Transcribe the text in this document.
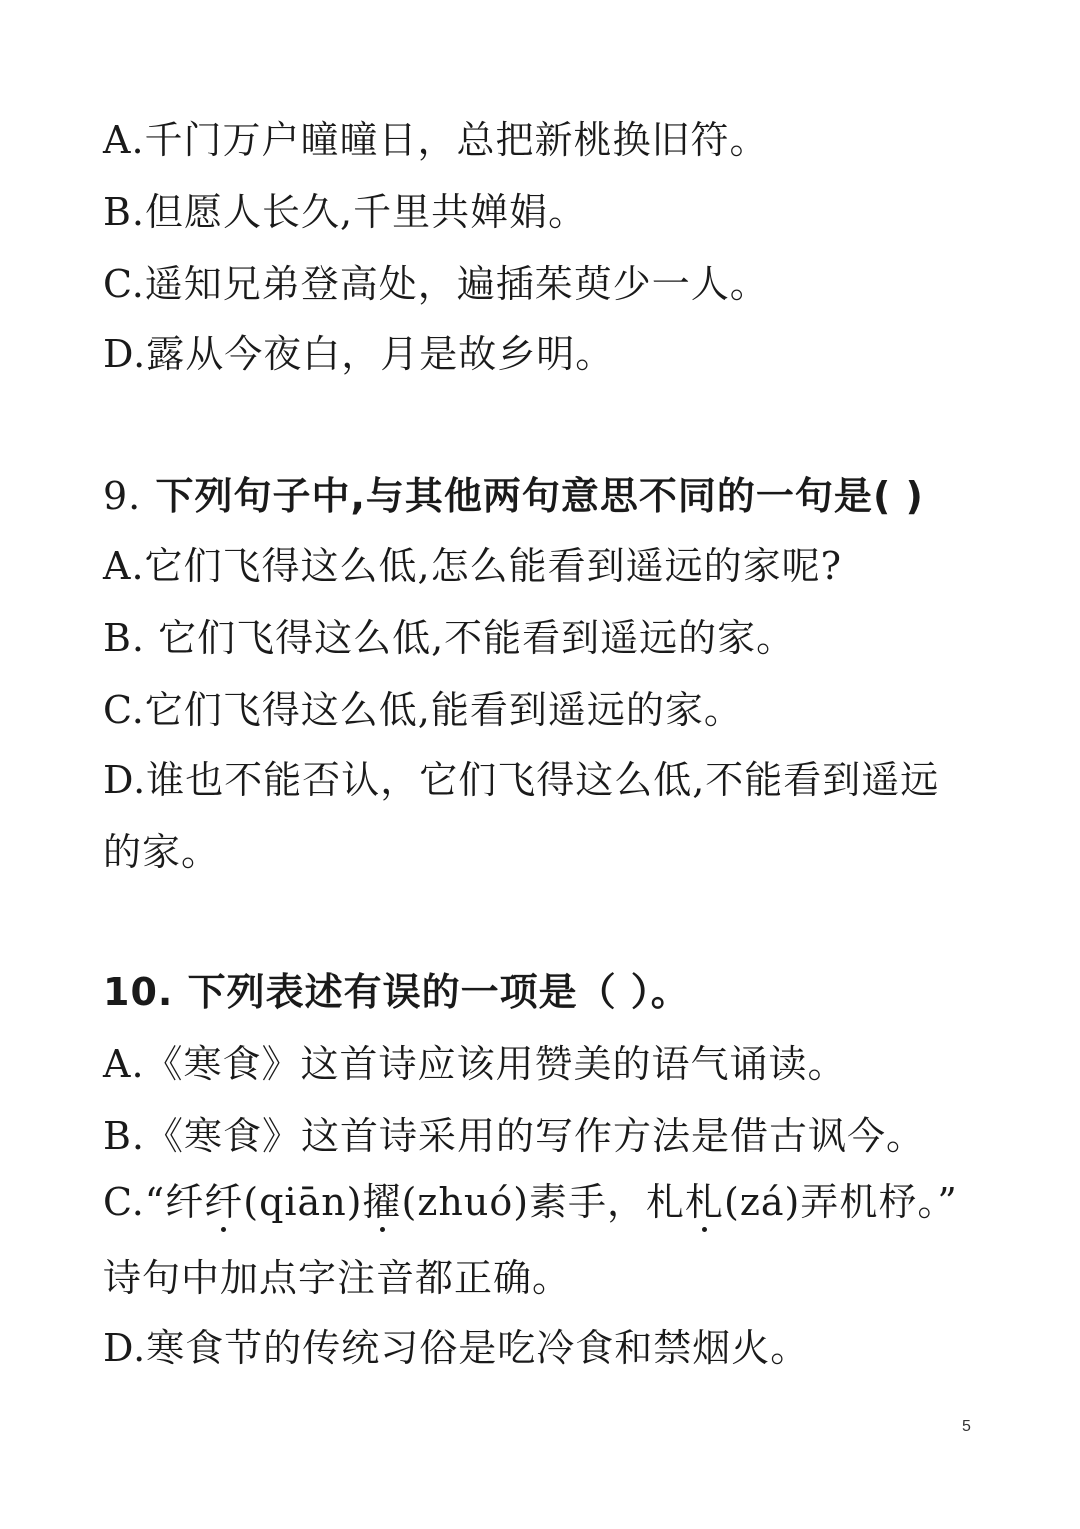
A.千门万户曈曈日，总把新桃换旧符。
B.但愿人长久,千里共婵娟。
C.遥知兄弟登高处，遍插茱萸少一人。
D.露从今夜白，月是故乡明。
9. 下列句子中,与其他两句意思不同的一句是( )
A.它们飞得这么低,怎么能看到遥远的家呢?
B. 它们飞得这么低,不能看到遥远的家。
C.它们飞得这么低,能看到遥远的家。
D.谁也不能否认，它们飞得这么低,不能看到遥远
的家。
10. 下列表述有误的一项是（ ）。
A.《寒食》这首诗应该用赞美的语气诵读。
B.《寒食》这首诗采用的写作方法是借古讽今。
C.“纤纤(qiān)擢(zhuó)素手，札札(zá)弄机杼。”
诗句中加点字注音都正确。
D.寒食节的传统习俗是吃冷食和禁烟火。
5
